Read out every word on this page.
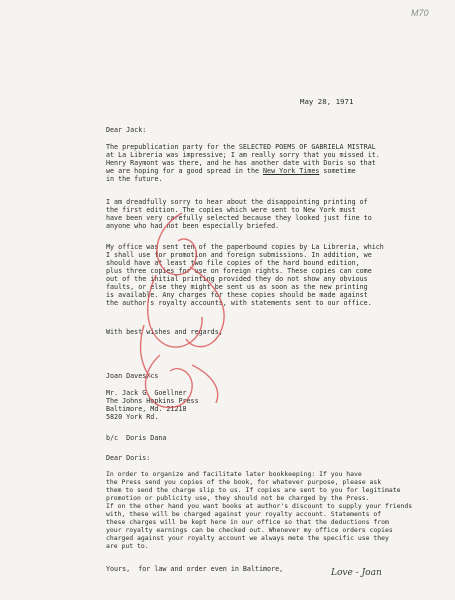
M70
May 28, 1971
Dear Jack:
The prepublication party for the SELECTED POEMS OF GABRIELA MISTRAL
at La Libreria was impressive; I am really sorry that you missed it.
Henry Raymont was there, and he has another date with Doris so that
we are hoping for a good spread in the New York Times sometime
in the future.
I am dreadfully sorry to hear about the disappointing printing of
the first edition. The copies which were sent to New York must
have been very carefully selected because they looked just fine to
anyone who had not been especially briefed.
My office was sent ten of the paperbound copies by La Libreria, which
I shall use for promotion and foreign submissions. In addition, we
should have at least two file copies of the hard bound edition,
plus three copies for use on foreign rights. These copies can come
out of the initial printing provided they do not show any obvious
faults, or else they might be sent us as soon as the new printing
is available. Any charges for these copies should be made against
the author's royalty accounts, with statements sent to our office.
With best wishes and regards,
Joan Daves/cs
Mr. Jack G. Goellner
The Johns Hopkins Press
Baltimore, Md. 21218
5820 York Rd.
b/c  Doris Dana
Dear Doris:
In order to organize and facilitate later bookkeeping: If you have
the Press send you copies of the book, for whatever purpose, please ask
them to send the charge slip to us. If copies are sent to you for legitimate
promotion or publicity use, they should not be charged by the Press.
If on the other hand you want books at author's discount to supply your friends
with, these will be charged against your royalty account. Statements of
these charges will be kept here in our office so that the deductions from
your royalty earnings can be checked out. Whenever my office orders copies
charged against your royalty account we always mete the specific use they
are put to.
Yours,  for law and order even in Baltimore,	Love - Joan
